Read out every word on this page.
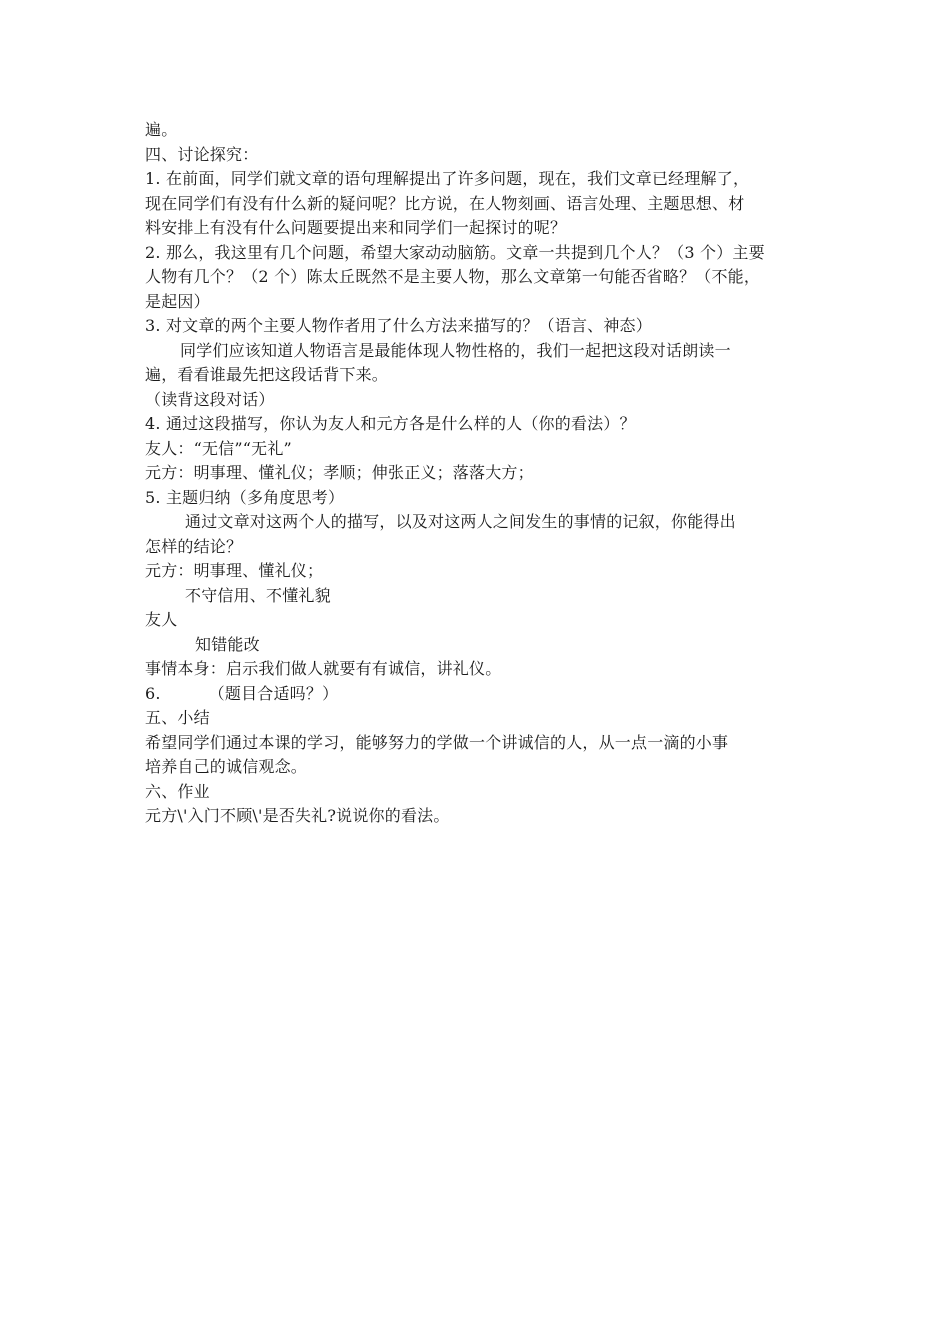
遍。
四、讨论探究：
1. 在前面，同学们就文章的语句理解提出了许多问题，现在，我们文章已经理解了，
现在同学们有没有什么新的疑问呢？比方说，在人物刻画、语言处理、主题思想、材
料安排上有没有什么问题要提出来和同学们一起探讨的呢？
2. 那么，我这里有几个问题，希望大家动动脑筋。文章一共提到几个人？（3 个）主要
人物有几个？（2 个）陈太丘既然不是主要人物，那么文章第一句能否省略？（不能，
是起因）
3. 对文章的两个主要人物作者用了什么方法来描写的？（语言、神态）
同学们应该知道人物语言是最能体现人物性格的，我们一起把这段对话朗读一
遍，看看谁最先把这段话背下来。
（读背这段对话）
4. 通过这段描写，你认为友人和元方各是什么样的人（你的看法）？
友人：“无信”“无礼”
元方：明事理、懂礼仪；孝顺；伸张正义；落落大方；
5. 主题归纳（多角度思考）
通过文章对这两个人的描写，以及对这两人之间发生的事情的记叙，你能得出
怎样的结论？
元方：明事理、懂礼仪；
不守信用、不懂礼貌
友人
知错能改
事情本身：启示我们做人就要有有诚信，讲礼仪。
6.	（题目合适吗？）
五、小结
希望同学们通过本课的学习，能够努力的学做一个讲诚信的人，从一点一滴的小事
培养自己的诚信观念。
六、作业
元方\'入门不顾\'是否失礼?说说你的看法。
